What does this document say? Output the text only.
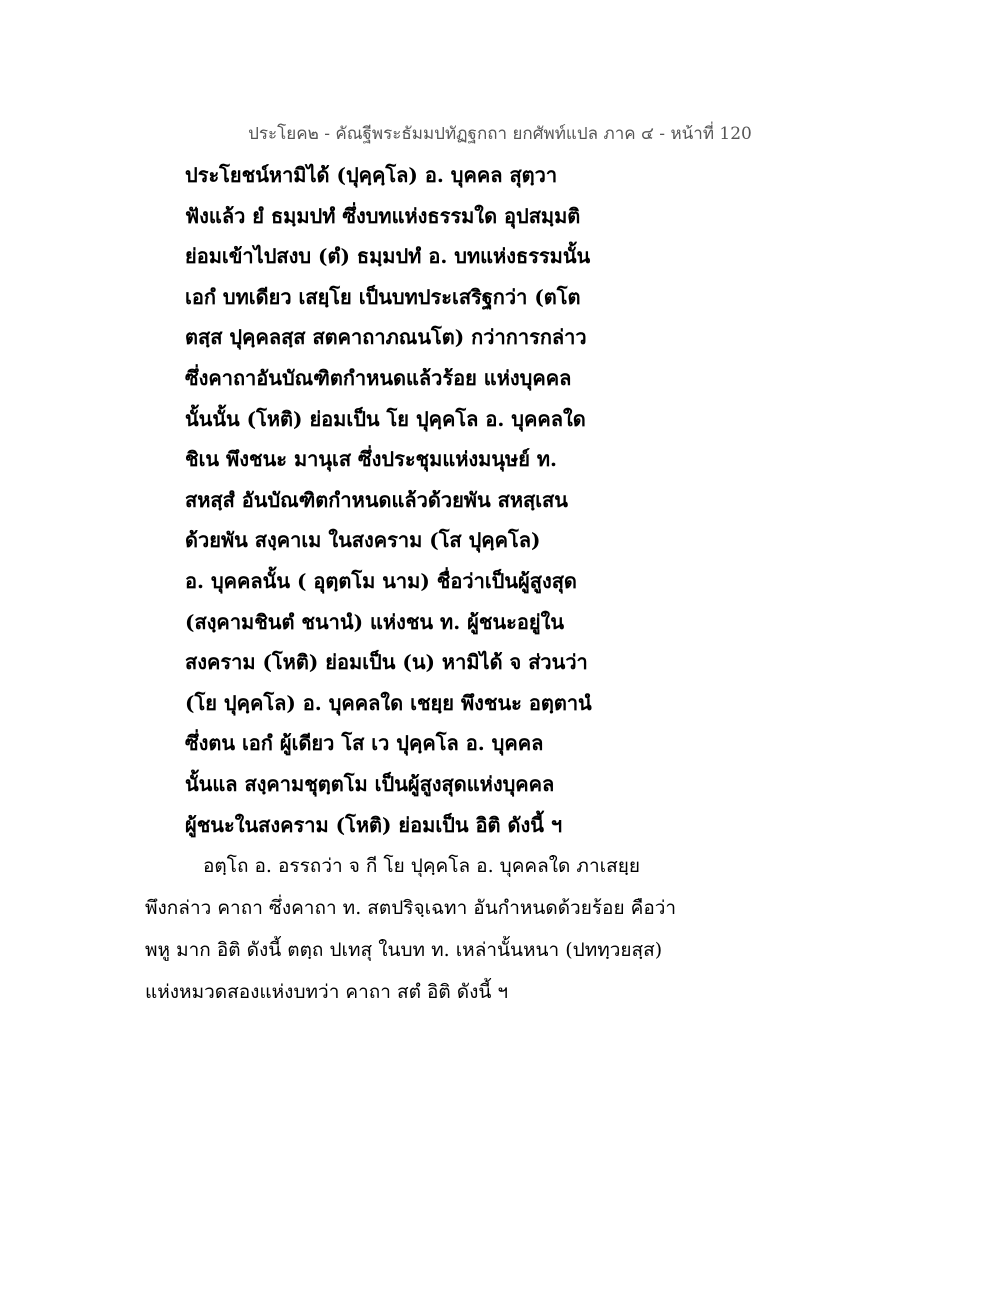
ประโยค๒ - คัณฐีพระธัมมปทัฏฐกถา ยกศัพท์แปล ภาค ๔ - หน้าที่ 120

ประโยชน์หามิได้ (ปุคฺคฺโล) อ. บุคคล สุตฺวา
ฟังแล้ว ยํ ธมฺมปทํ ซึ่งบทแห่งธรรมใด อุปสมฺมติ
ย่อมเข้าไปสงบ (ตํ) ธมฺมปทํ อ. บทแห่งธรรมนั้น
เอกํ บทเดียว เสยฺโย เป็นบทประเสริฐกว่า (ตโต
ตสฺส ปุคฺคลสฺส สตคาถาภณนโต) กว่าการกล่าว
ซึ่งคาถาอันบัณฑิตกำหนดแล้วร้อย แห่งบุคคล
นั้นนั้น (โหติ) ย่อมเป็น โย ปุคฺคโล อ. บุคคลใด
ชิเน พึงชนะ มานุเส ซึ่งประชุมแห่งมนุษย์ ท.
สหสฺสํ อันบัณฑิตกำหนดแล้วด้วยพัน สหสฺเสน
ด้วยพัน สงฺคาเม ในสงคราม (โส ปุคฺคโล)
อ. บุคคลนั้น ( อุตฺตโม นาม) ชื่อว่าเป็นผู้สูงสุด
(สงฺคามชินตํ ชนานํ) แห่งชน ท. ผู้ชนะอยู่ใน
สงคราม (โหติ) ย่อมเป็น (น) หามิได้ จ ส่วนว่า
(โย ปุคฺคโล) อ. บุคคลใด เชยฺย พึงชนะ อตฺตานํ
ซึ่งตน เอกํ ผู้เดียว โส เว ปุคฺคโล อ. บุคคล
นั้นแล สงฺคามชุตฺตโม เป็นผู้สูงสุดแห่งบุคคล
ผู้ชนะในสงคราม (โหติ) ย่อมเป็น อิติ ดังนี้ ฯ
อตฺโถ อ. อรรถว่า จ กี โย ปุคฺคโล อ. บุคคลใด ภาเสยฺย
พึงกล่าว คาถา ซึ่งคาถา ท. สตปริจฺเฉทา อันกำหนดด้วยร้อย คือว่า
พหู มาก อิติ ดังนี้ ตตฺถ ปเทสุ ในบท ท. เหล่านั้นหนา (ปททฺวยสฺส)
แห่งหมวดสองแห่งบทว่า คาถา สตํ อิติ ดังนี้ ฯ
